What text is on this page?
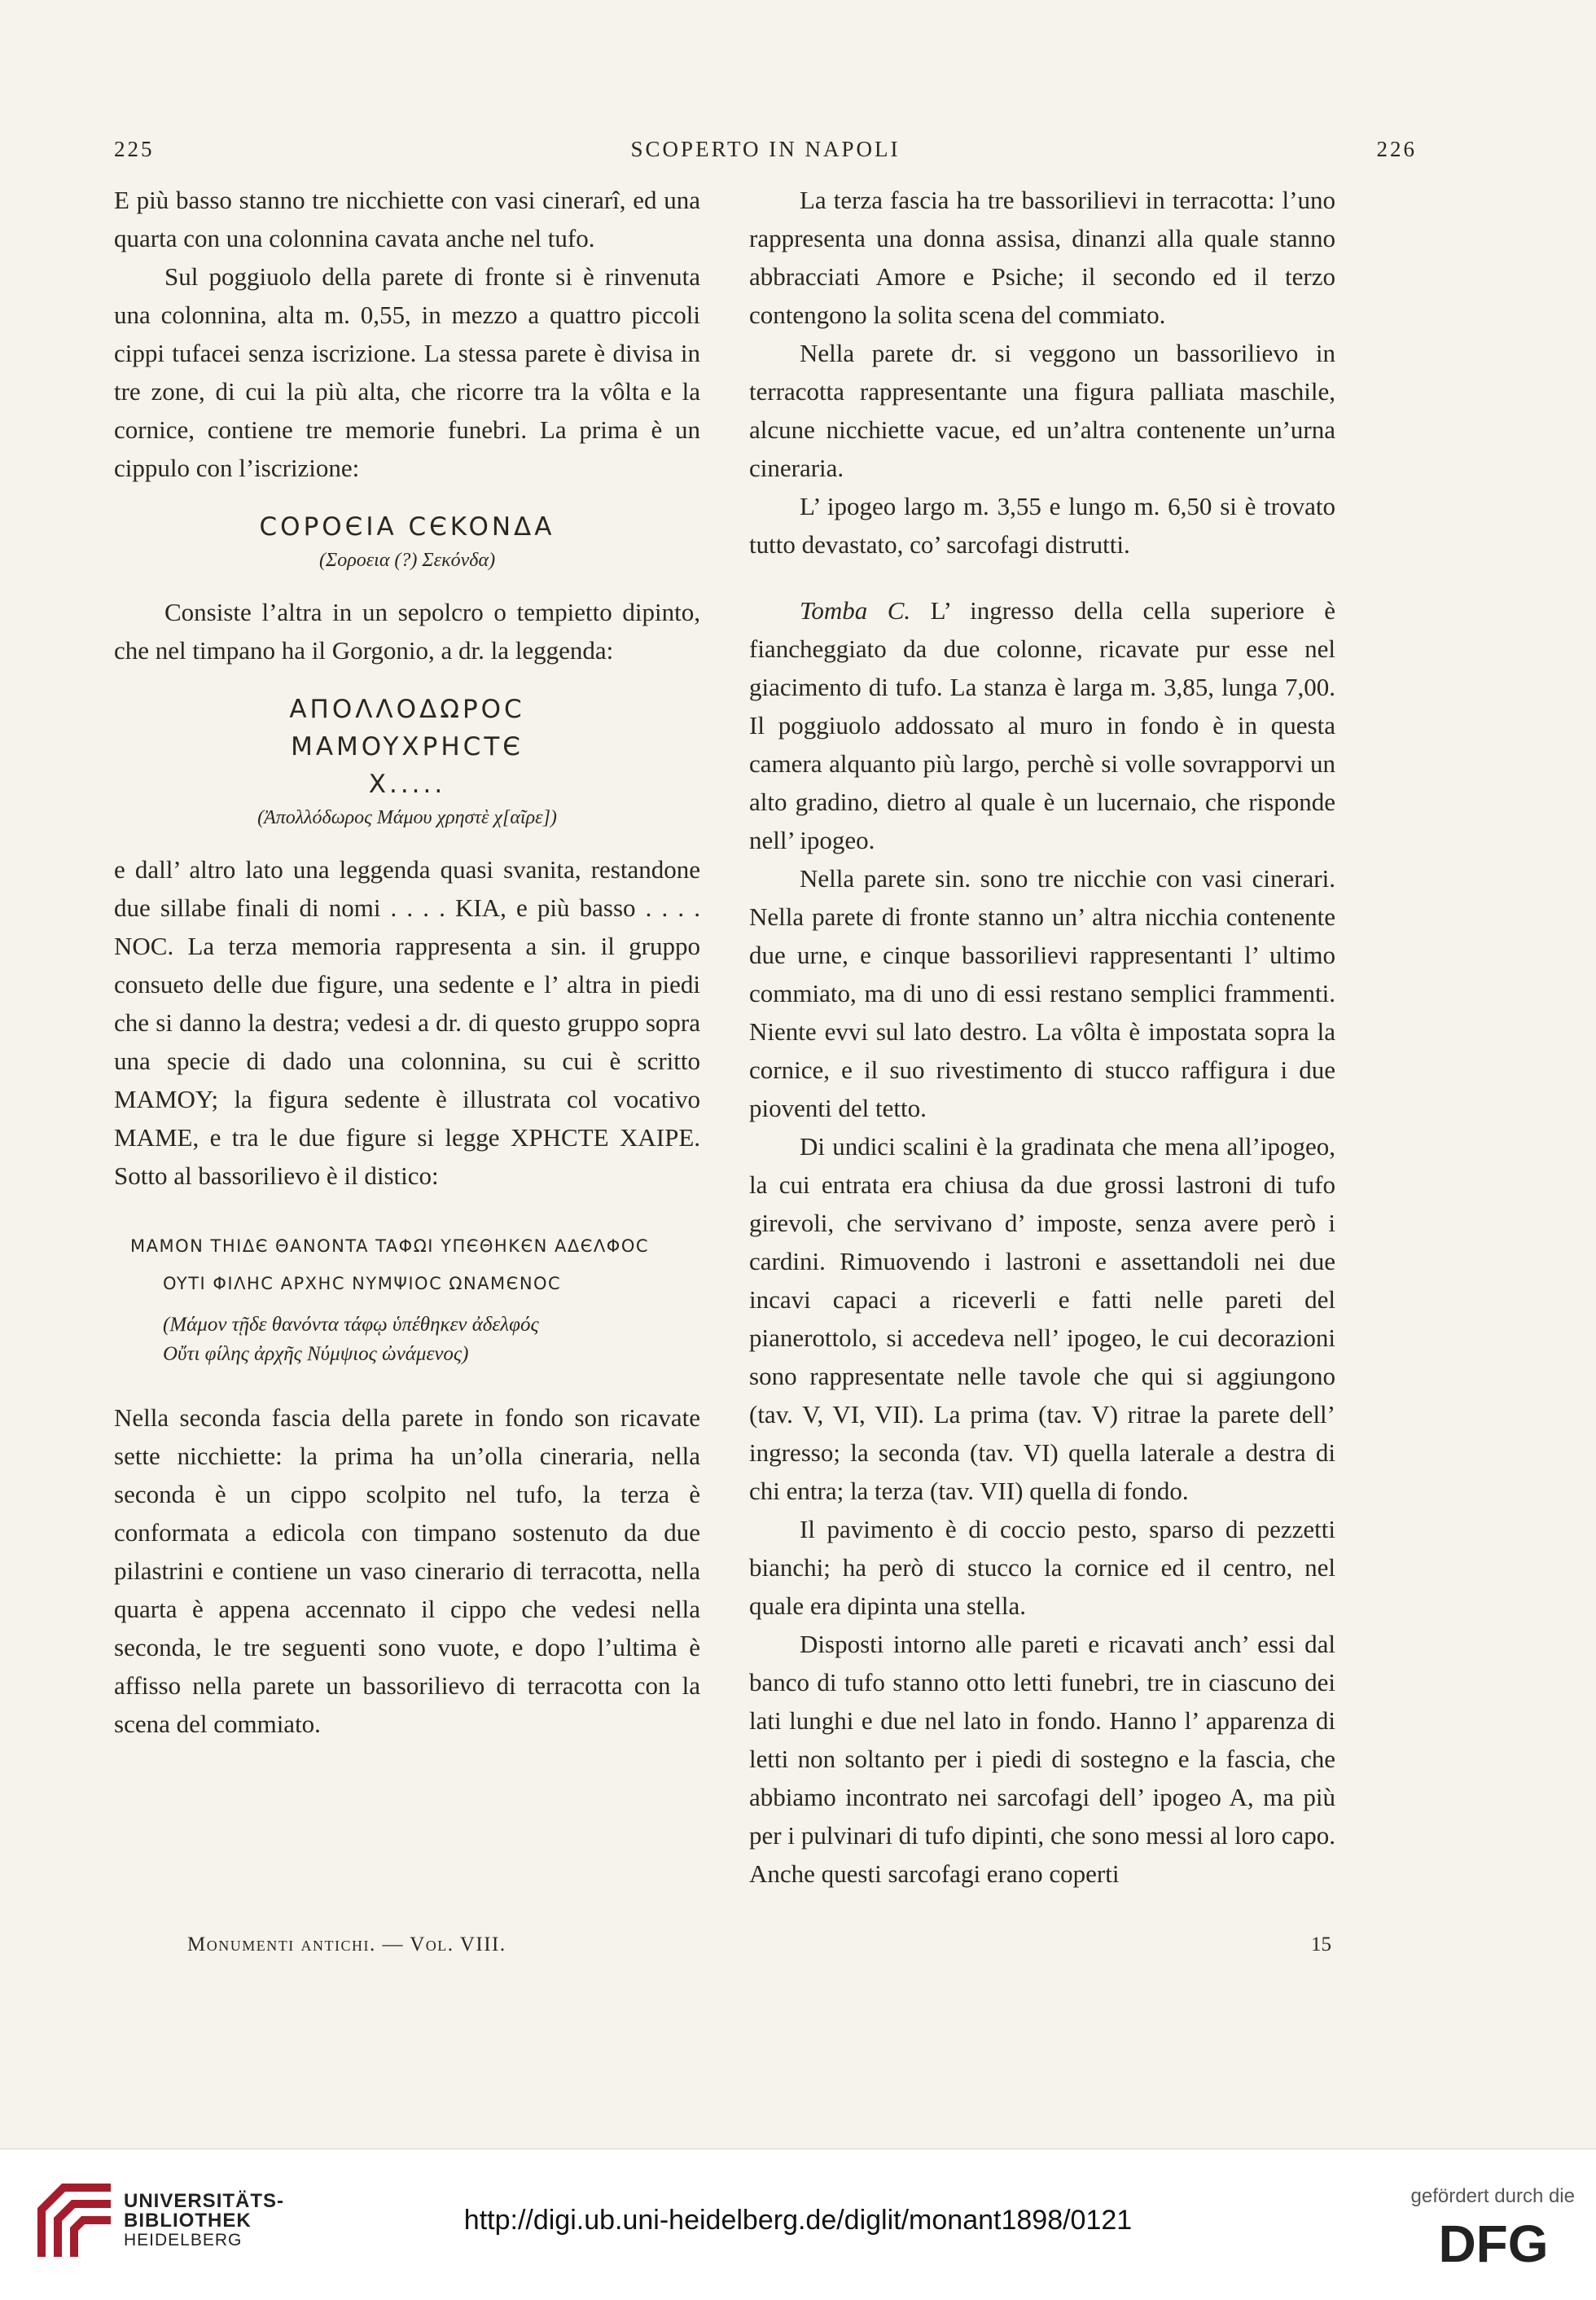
225	SCOPERTO IN NAPOLI	226

E più basso stanno tre nicchiette con vasi cinerarî, ed una quarta con una colonnina cavata anche nel tufo.

Sul poggiuolo della parete di fronte si è rinvenuta una colonnina, alta m. 0,55, in mezzo a quattro piccoli cippi tufacei senza iscrizione. La stessa parete è divisa in tre zone, di cui la più alta, che ricorre tra la vôlta e la cornice, contiene tre memorie funebri. La prima è un cippulo con l’iscrizione:

COPOЄIA CЄKONΔA
(Σοροεια (?) Σεκόνδα)

Consiste l’altra in un sepolcro o tempietto dipinto, che nel timpano ha il Gorgonio, a dr. la leggenda:

AΠOΛΛOΔΩPOC
MAMOYXPHCTЄ
X.....
(Ἀπολλόδωρος Μάμου χρηστὲ χ[αῖρε])

e dall’ altro lato una leggenda quasi svanita, restandone due sillabe finali di nomi . . . . KIA, e più basso . . . . NOC. La terza memoria rappresenta a sin. il gruppo consueto delle due figure, una sedente e l’ altra in piedi che si danno la destra; vedesi a dr. di questo gruppo sopra una specie di dado una colonnina, su cui è scritto MAMOY; la figura sedente è illustrata col vocativo MAME, e tra le due figure si legge XPHCTE XAIPE. Sotto al bassorilievo è il distico:

MAMON THIΔЄ ΘANONTA TAΦΩI YΠЄΘHKЄN AΔЄΛΦOC
OYTI ΦIΛHC APXHC NYMΨIOC ΩNAMЄNOC
(Μάμον τῇδε θανόντα τάφῳ ὑπέθηκεν ἀδελφός
Οὔτι φίλης ἀρχῆς Νύμψιος ὠνάμενος)

Nella seconda fascia della parete in fondo son ricavate sette nicchiette: la prima ha un’olla cineraria, nella seconda è un cippo scolpito nel tufo, la terza è conformata a edicola con timpano sostenuto da due pilastrini e contiene un vaso cinerario di terracotta, nella quarta è appena accennato il cippo che vedesi nella seconda, le tre seguenti sono vuote, e dopo l’ultima è affisso nella parete un bassorilievo di terracotta con la scena del commiato.

La terza fascia ha tre bassorilievi in terracotta: l’uno rappresenta una donna assisa, dinanzi alla quale stanno abbracciati Amore e Psiche; il secondo ed il terzo contengono la solita scena del commiato.

Nella parete dr. si veggono un bassorilievo in terracotta rappresentante una figura palliata maschile, alcune nicchiette vacue, ed un’altra contenente un’urna cineraria.

L’ ipogeo largo m. 3,55 e lungo m. 6,50 si è trovato tutto devastato, co’ sarcofagi distrutti.

Tomba C. L’ ingresso della cella superiore è fiancheggiato da due colonne, ricavate pur esse nel giacimento di tufo. La stanza è larga m. 3,85, lunga 7,00. Il poggiuolo addossato al muro in fondo è in questa camera alquanto più largo, perchè si volle sovrapporvi un alto gradino, dietro al quale è un lucernaio, che risponde nell’ ipogeo.

Nella parete sin. sono tre nicchie con vasi cinerari. Nella parete di fronte stanno un’ altra nicchia contenente due urne, e cinque bassorilievi rappresentanti l’ ultimo commiato, ma di uno di essi restano semplici frammenti. Niente evvi sul lato destro. La vôlta è impostata sopra la cornice, e il suo rivestimento di stucco raffigura i due pioventi del tetto.

Di undici scalini è la gradinata che mena all’ipogeo, la cui entrata era chiusa da due grossi lastroni di tufo girevoli, che servivano d’ imposte, senza avere però i cardini. Rimuovendo i lastroni e assettandoli nei due incavi capaci a riceverli e fatti nelle pareti del pianerottolo, si accedeva nell’ ipogeo, le cui decorazioni sono rappresentate nelle tavole che qui si aggiungono (tav. V, VI, VII). La prima (tav. V) ritrae la parete dell’ ingresso; la seconda (tav. VI) quella laterale a destra di chi entra; la terza (tav. VII) quella di fondo.

Il pavimento è di coccio pesto, sparso di pezzetti bianchi; ha però di stucco la cornice ed il centro, nel quale era dipinta una stella.

Disposti intorno alle pareti e ricavati anch’ essi dal banco di tufo stanno otto letti funebri, tre in ciascuno dei lati lunghi e due nel lato in fondo. Hanno l’ apparenza di letti non soltanto per i piedi di sostegno e la fascia, che abbiamo incontrato nei sarcofagi dell’ ipogeo A, ma più per i pulvinari di tufo dipinti, che sono messi al loro capo. Anche questi sarcofagi erano coperti

Monumenti antichi. — Vol. VIII.	15
UNIVERSITÄTS-
BIBLIOTHEK
HEIDELBERG
http://digi.ub.uni-heidelberg.de/diglit/monant1898/0121
gefördert durch die
DFG
